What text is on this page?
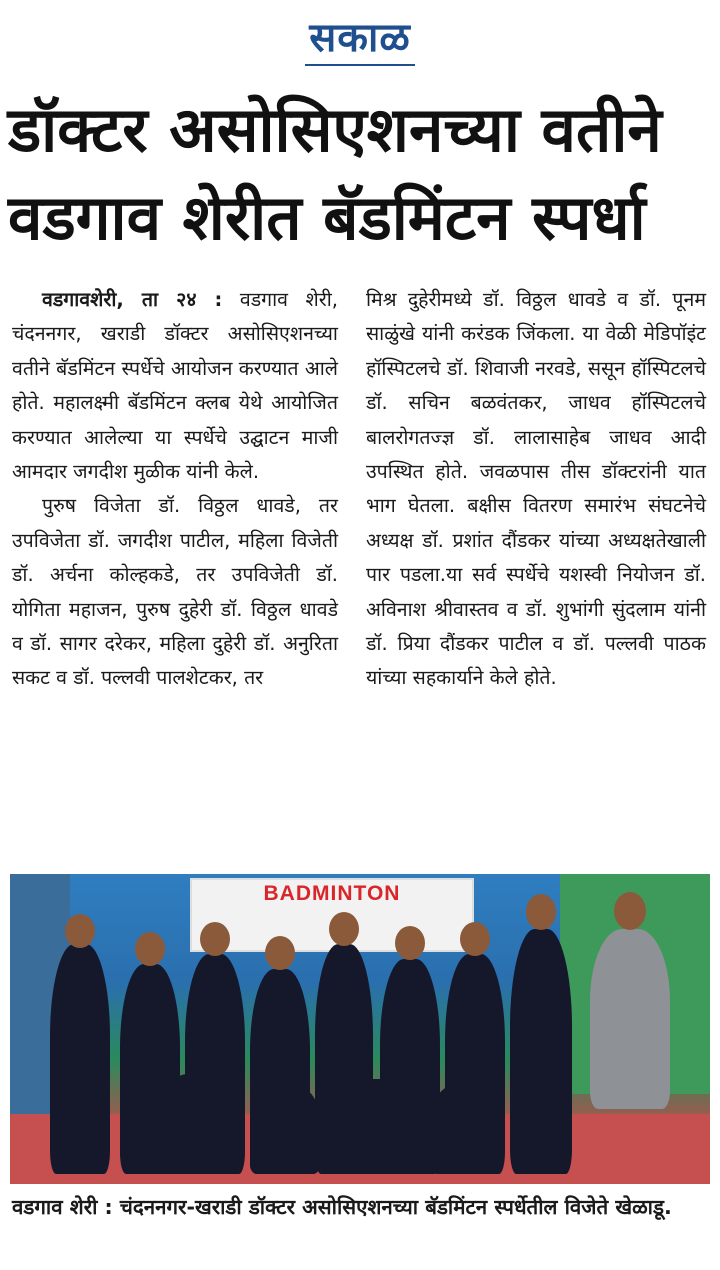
सकाळ
डॉक्टर असोसिएशनच्या वतीने
वडगाव शेरीत बॅडमिंटन स्पर्धा

वडगावशेरी, ता २४ : वडगाव शेरी, चंदननगर, खराडी डॉक्टर असोसिएशनच्या वतीने बॅडमिंटन स्पर्धेचे आयोजन करण्यात आले होते. महालक्ष्मी बॅडमिंटन क्लब येथे आयोजित करण्यात आलेल्या या स्पर्धेचे उद्घाटन माजी आमदार जगदीश मुळीक यांनी केले.

पुरुष विजेता डॉ. विठ्ठल धावडे, तर उपविजेता डॉ. जगदीश पाटील, महिला विजेती डॉ. अर्चना कोल्हकडे, तर उपविजेती डॉ. योगिता महाजन, पुरुष दुहेरी डॉ. विठ्ठल धावडे व डॉ. सागर दरेकर, महिला दुहेरी डॉ. अनुरिता सकट व डॉ. पल्लवी पालशेटकर, तर

मिश्र दुहेरीमध्ये डॉ. विठ्ठल धावडे व डॉ. पूनम साळुंखे यांनी करंडक जिंकला. या वेळी मेडिपॉइंट हॉस्पिटलचे डॉ. शिवाजी नरवडे, ससून हॉस्पिटलचे डॉ. सचिन बळवंतकर, जाधव हॉस्पिटलचे बालरोगतज्ज्ञ डॉ. लालासाहेब जाधव आदी उपस्थित होते. जवळपास तीस डॉक्टरांनी यात भाग घेतला. बक्षीस वितरण समारंभ संघटनेचे अध्यक्ष डॉ. प्रशांत दौंडकर यांच्या अध्यक्षतेखाली पार पडला.या सर्व स्पर्धेचे यशस्वी नियोजन डॉ. अविनाश श्रीवास्तव व डॉ. शुभांगी सुंदलाम यांनी डॉ. प्रिया दौंडकर पाटील व डॉ. पल्लवी पाठक यांच्या सहकार्याने केले होते.

BADMINTON
वडगाव शेरी : चंदननगर-खराडी डॉक्टर असोसिएशनच्या बॅडमिंटन स्पर्धेतील विजेते खेळाडू.
